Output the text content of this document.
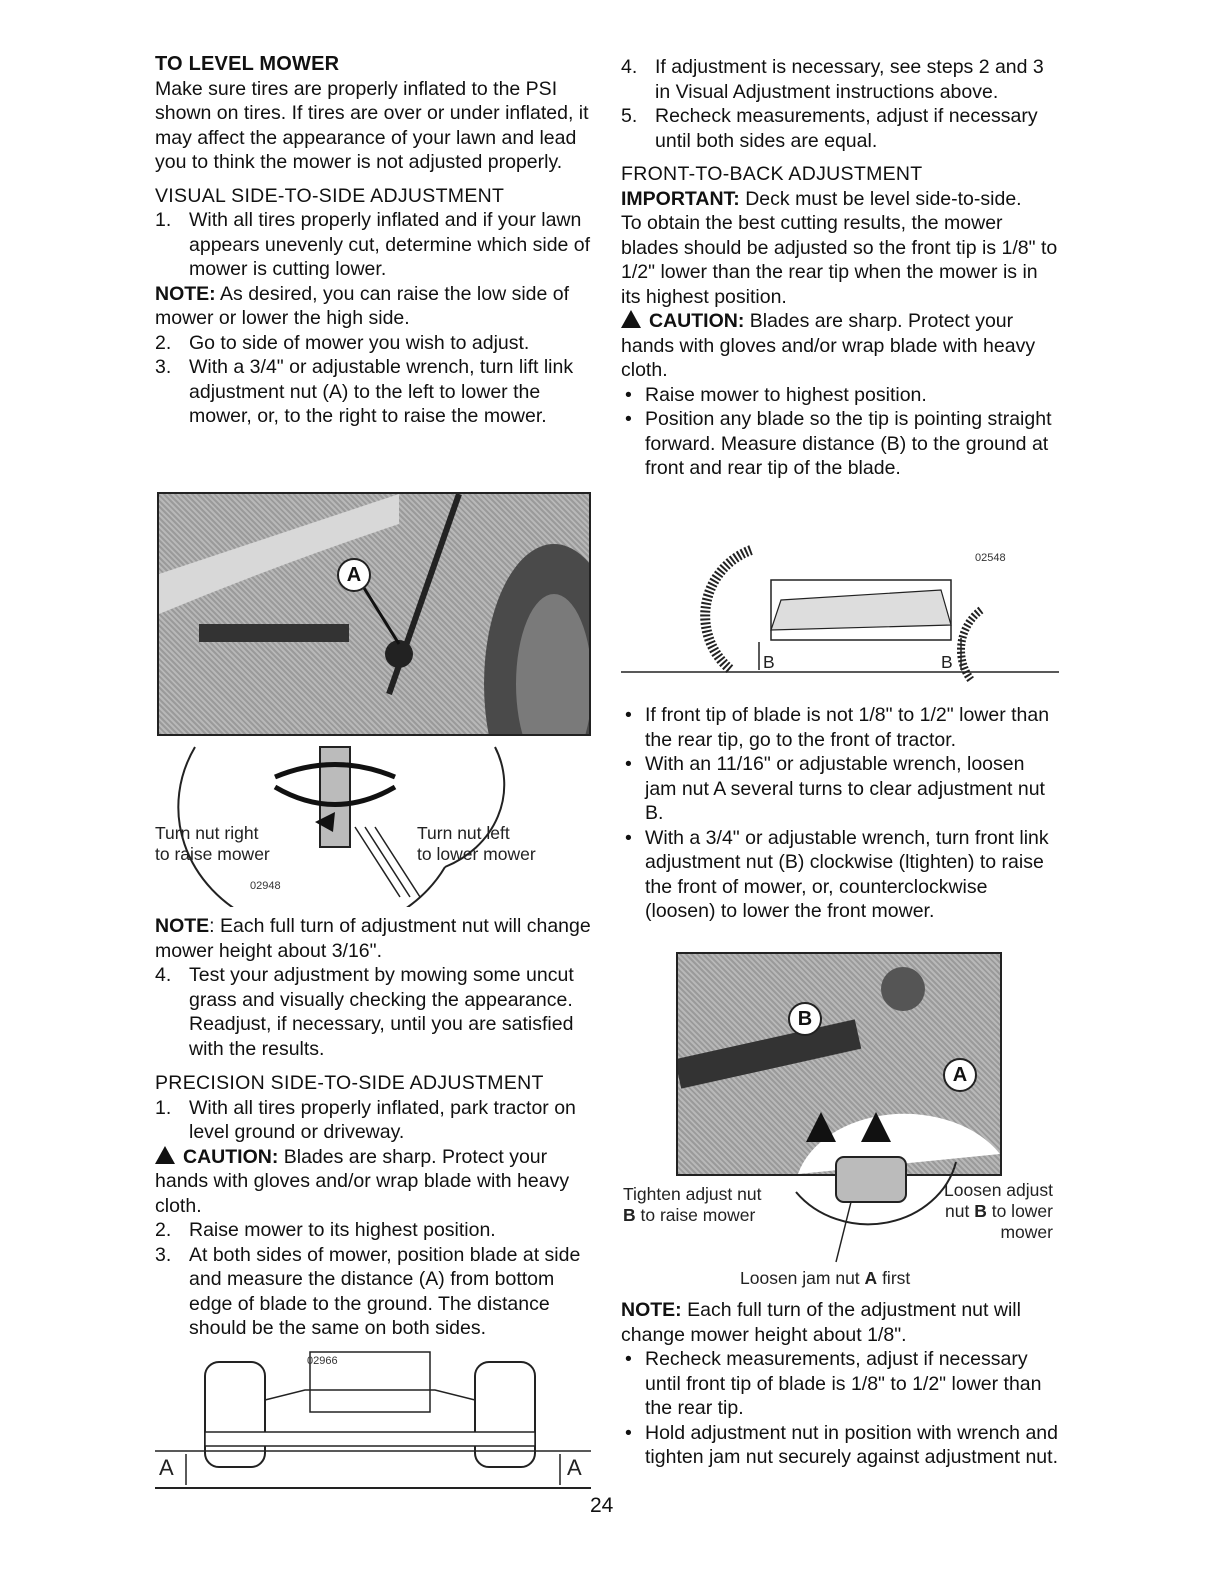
TO LEVEL MOWER

Make sure tires are properly inflated to the PSI shown on tires. If tires are over or under inflated, it may affect the appearance of your lawn and lead you to think the mower is not adjusted properly.

VISUAL SIDE-TO-SIDE ADJUSTMENT

1. With all tires properly inflated and if your lawn appears unevenly cut, determine which side of mower is cutting lower.

NOTE: As desired, you can raise the low side of mower or lower the high side.

2. Go to side of mower you wish to adjust.
3. With a 3/4" or adjustable wrench, turn lift link adjustment nut (A) to the left to lower the mower, or, to the right to raise the mower.
A
Turn nut right
to raise mower
Turn nut left
to lower mower
02948

NOTE: Each full turn of adjustment nut will change mower height about 3/16".

4. Test your adjustment by mowing some uncut grass and visually checking the appearance. Readjust, if necessary, until you are satisfied with the results.

PRECISION SIDE-TO-SIDE ADJUSTMENT

1. With all tires properly inflated, park tractor on level ground or driveway.

CAUTION: Blades are sharp. Protect your hands with gloves and/or wrap blade with heavy cloth.

2. Raise mower to its highest position.
3. At both sides of mower, position blade at side and measure the distance (A) from bottom edge of blade to the ground. The distance should be the same on both sides.
02966
A	A
4. If adjustment is necessary, see steps 2 and 3 in Visual Adjustment instructions above.
5. Recheck measurements, adjust if necessary until both sides are equal.

FRONT-TO-BACK ADJUSTMENT

IMPORTANT: Deck must be level side-to-side.

To obtain the best cutting results, the mower blades should be adjusted so the front tip is 1/8" to 1/2" lower than the rear tip when the mower is in its highest position.

CAUTION: Blades are sharp. Protect your hands with gloves and/or wrap blade with heavy cloth.

• Raise mower to highest position.
• Position any blade so the tip is pointing straight forward. Measure distance (B) to the ground at front and rear tip of the blade.
02548
B	B
• If front tip of blade is not 1/8" to 1/2" lower than the rear tip, go to the front of tractor.
• With an 11/16" or adjustable wrench, loosen jam nut A several turns to clear adjustment nut B.
• With a 3/4" or adjustable wrench, turn front link adjustment nut (B) clockwise (ltighten) to raise the front of mower, or, counterclockwise (loosen) to lower the front mower.
B
A
Tighten adjust nut
B to raise mower
Loosen adjust
nut B to lower
mower
Loosen jam nut A first

NOTE: Each full turn of the adjustment nut will change mower height about 1/8".

• Recheck measurements, adjust if necessary until front tip of blade is 1/8" to 1/2" lower than the rear tip.
• Hold adjustment nut in position with wrench and tighten jam nut securely against adjustment nut.
24
